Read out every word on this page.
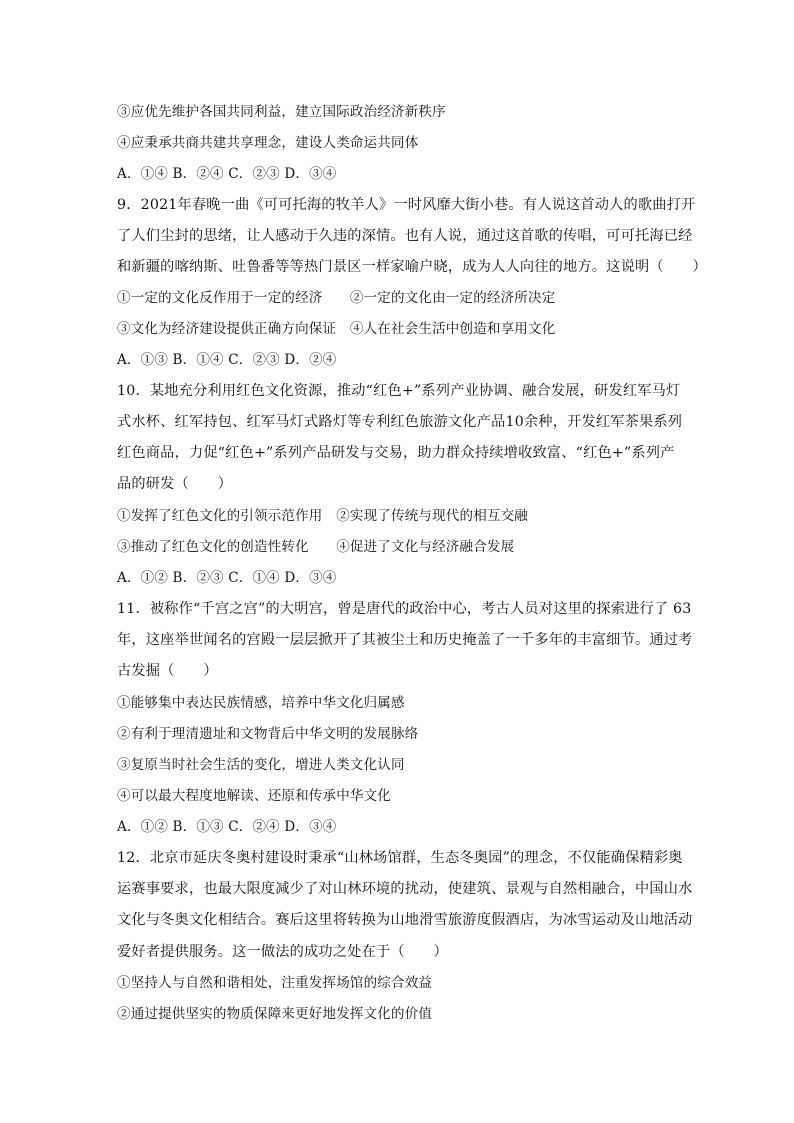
③应优先维护各国共同利益，建立国际政治经济新秩序
④应秉承共商共建共享理念，建设人类命运共同体
A．①④ B．②④ C．②③ D．③④
9．2021年春晚一曲《可可托海的牧羊人》一时风靡大街小巷。有人说这首动人的歌曲打开
了人们尘封的思绪，让人感动于久违的深情。也有人说，通过这首歌的传唱，可可托海已经
和新疆的喀纳斯、吐鲁番等等热门景区一样家喻户晓，成为人人向往的地方。这说明（　　）
①一定的文化反作用于一定的经济　　②一定的文化由一定的经济所决定
③文化为经济建设提供正确方向保证　④人在社会生活中创造和享用文化
A．①③ B．①④ C．②③ D．②④
10．某地充分利用红色文化资源，推动“红色+”系列产业协调、融合发展，研发红军马灯
式水杯、红军持包、红军马灯式路灯等专利红色旅游文化产品10余种，开发红军茶果系列
红色商品，力促“红色+”系列产品研发与交易，助力群众持续增收致富、“红色+”系列产
品的研发（　　）
①发挥了红色文化的引领示范作用　②实现了传统与现代的相互交融
③推动了红色文化的创造性转化　　④促进了文化与经济融合发展
A．①② B．②③ C．①④ D．③④
11．被称作“千宫之宫”的大明宫，曾是唐代的政治中心，考古人员对这里的探索进行了 63
年，这座举世闻名的宫殿一层层掀开了其被尘土和历史掩盖了一千多年的丰富细节。通过考
古发掘（　　）
①能够集中表达民族情感，培养中华文化归属感
②有利于理清遗址和文物背后中华文明的发展脉络
③复原当时社会生活的变化，增进人类文化认同
④可以最大程度地解读、还原和传承中华文化
A．①② B．①③ C．②④ D．③④
12．北京市延庆冬奥村建设时秉承“山林场馆群，生态冬奥园”的理念，不仅能确保精彩奥
运赛事要求，也最大限度减少了对山林环境的扰动，使建筑、景观与自然相融合，中国山水
文化与冬奥文化相结合。赛后这里将转换为山地滑雪旅游度假酒店，为冰雪运动及山地活动
爱好者提供服务。这一做法的成功之处在于（　　）
①坚持人与自然和谐相处，注重发挥场馆的综合效益
②通过提供坚实的物质保障来更好地发挥文化的价值
